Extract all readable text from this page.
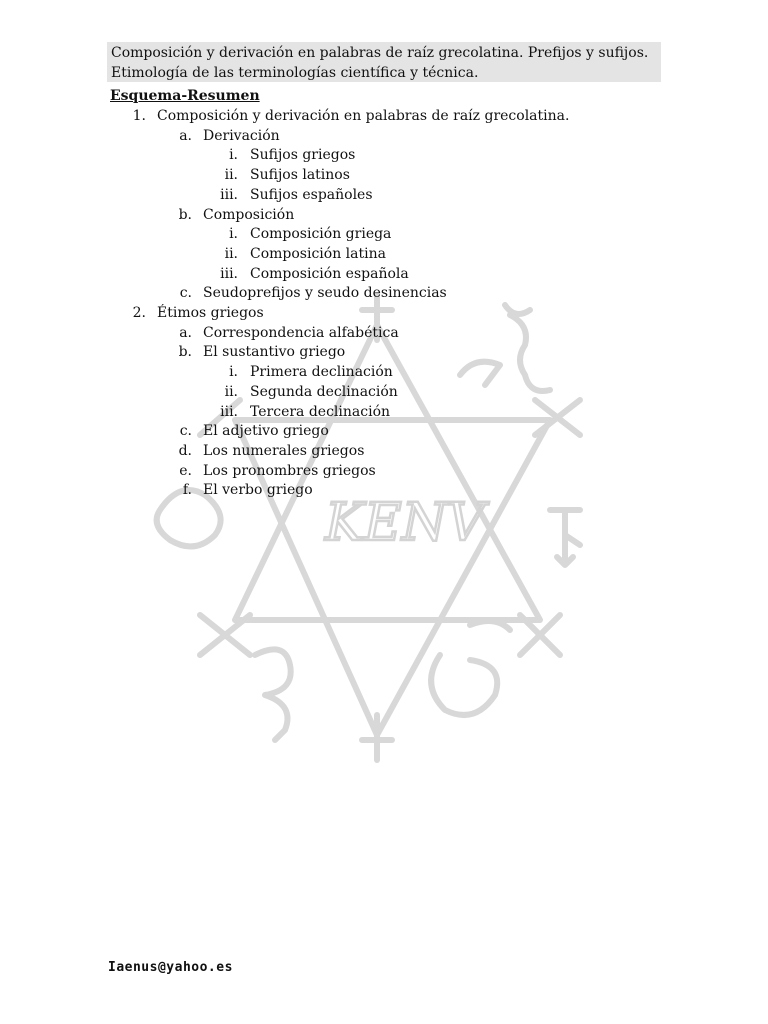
KENV
Composición y derivación en palabras de raíz grecolatina. Prefijos y sufijos.
Etimología de las terminologías científica y técnica.
Esquema-Resumen
1. Composición y derivación en palabras de raíz grecolatina.
a. Derivación
i. Sufijos griegos
ii. Sufijos latinos
iii. Sufijos españoles
b. Composición
i. Composición griega
ii. Composición latina
iii. Composición española
c. Seudoprefijos y seudo desinencias
2. Étimos griegos
a. Correspondencia alfabética
b. El sustantivo griego
i. Primera declinación
ii. Segunda declinación
iii. Tercera declinación
c. El adjetivo griego
d. Los numerales griegos
e. Los pronombres griegos
f. El verbo griego
Iaenus@yahoo.es
